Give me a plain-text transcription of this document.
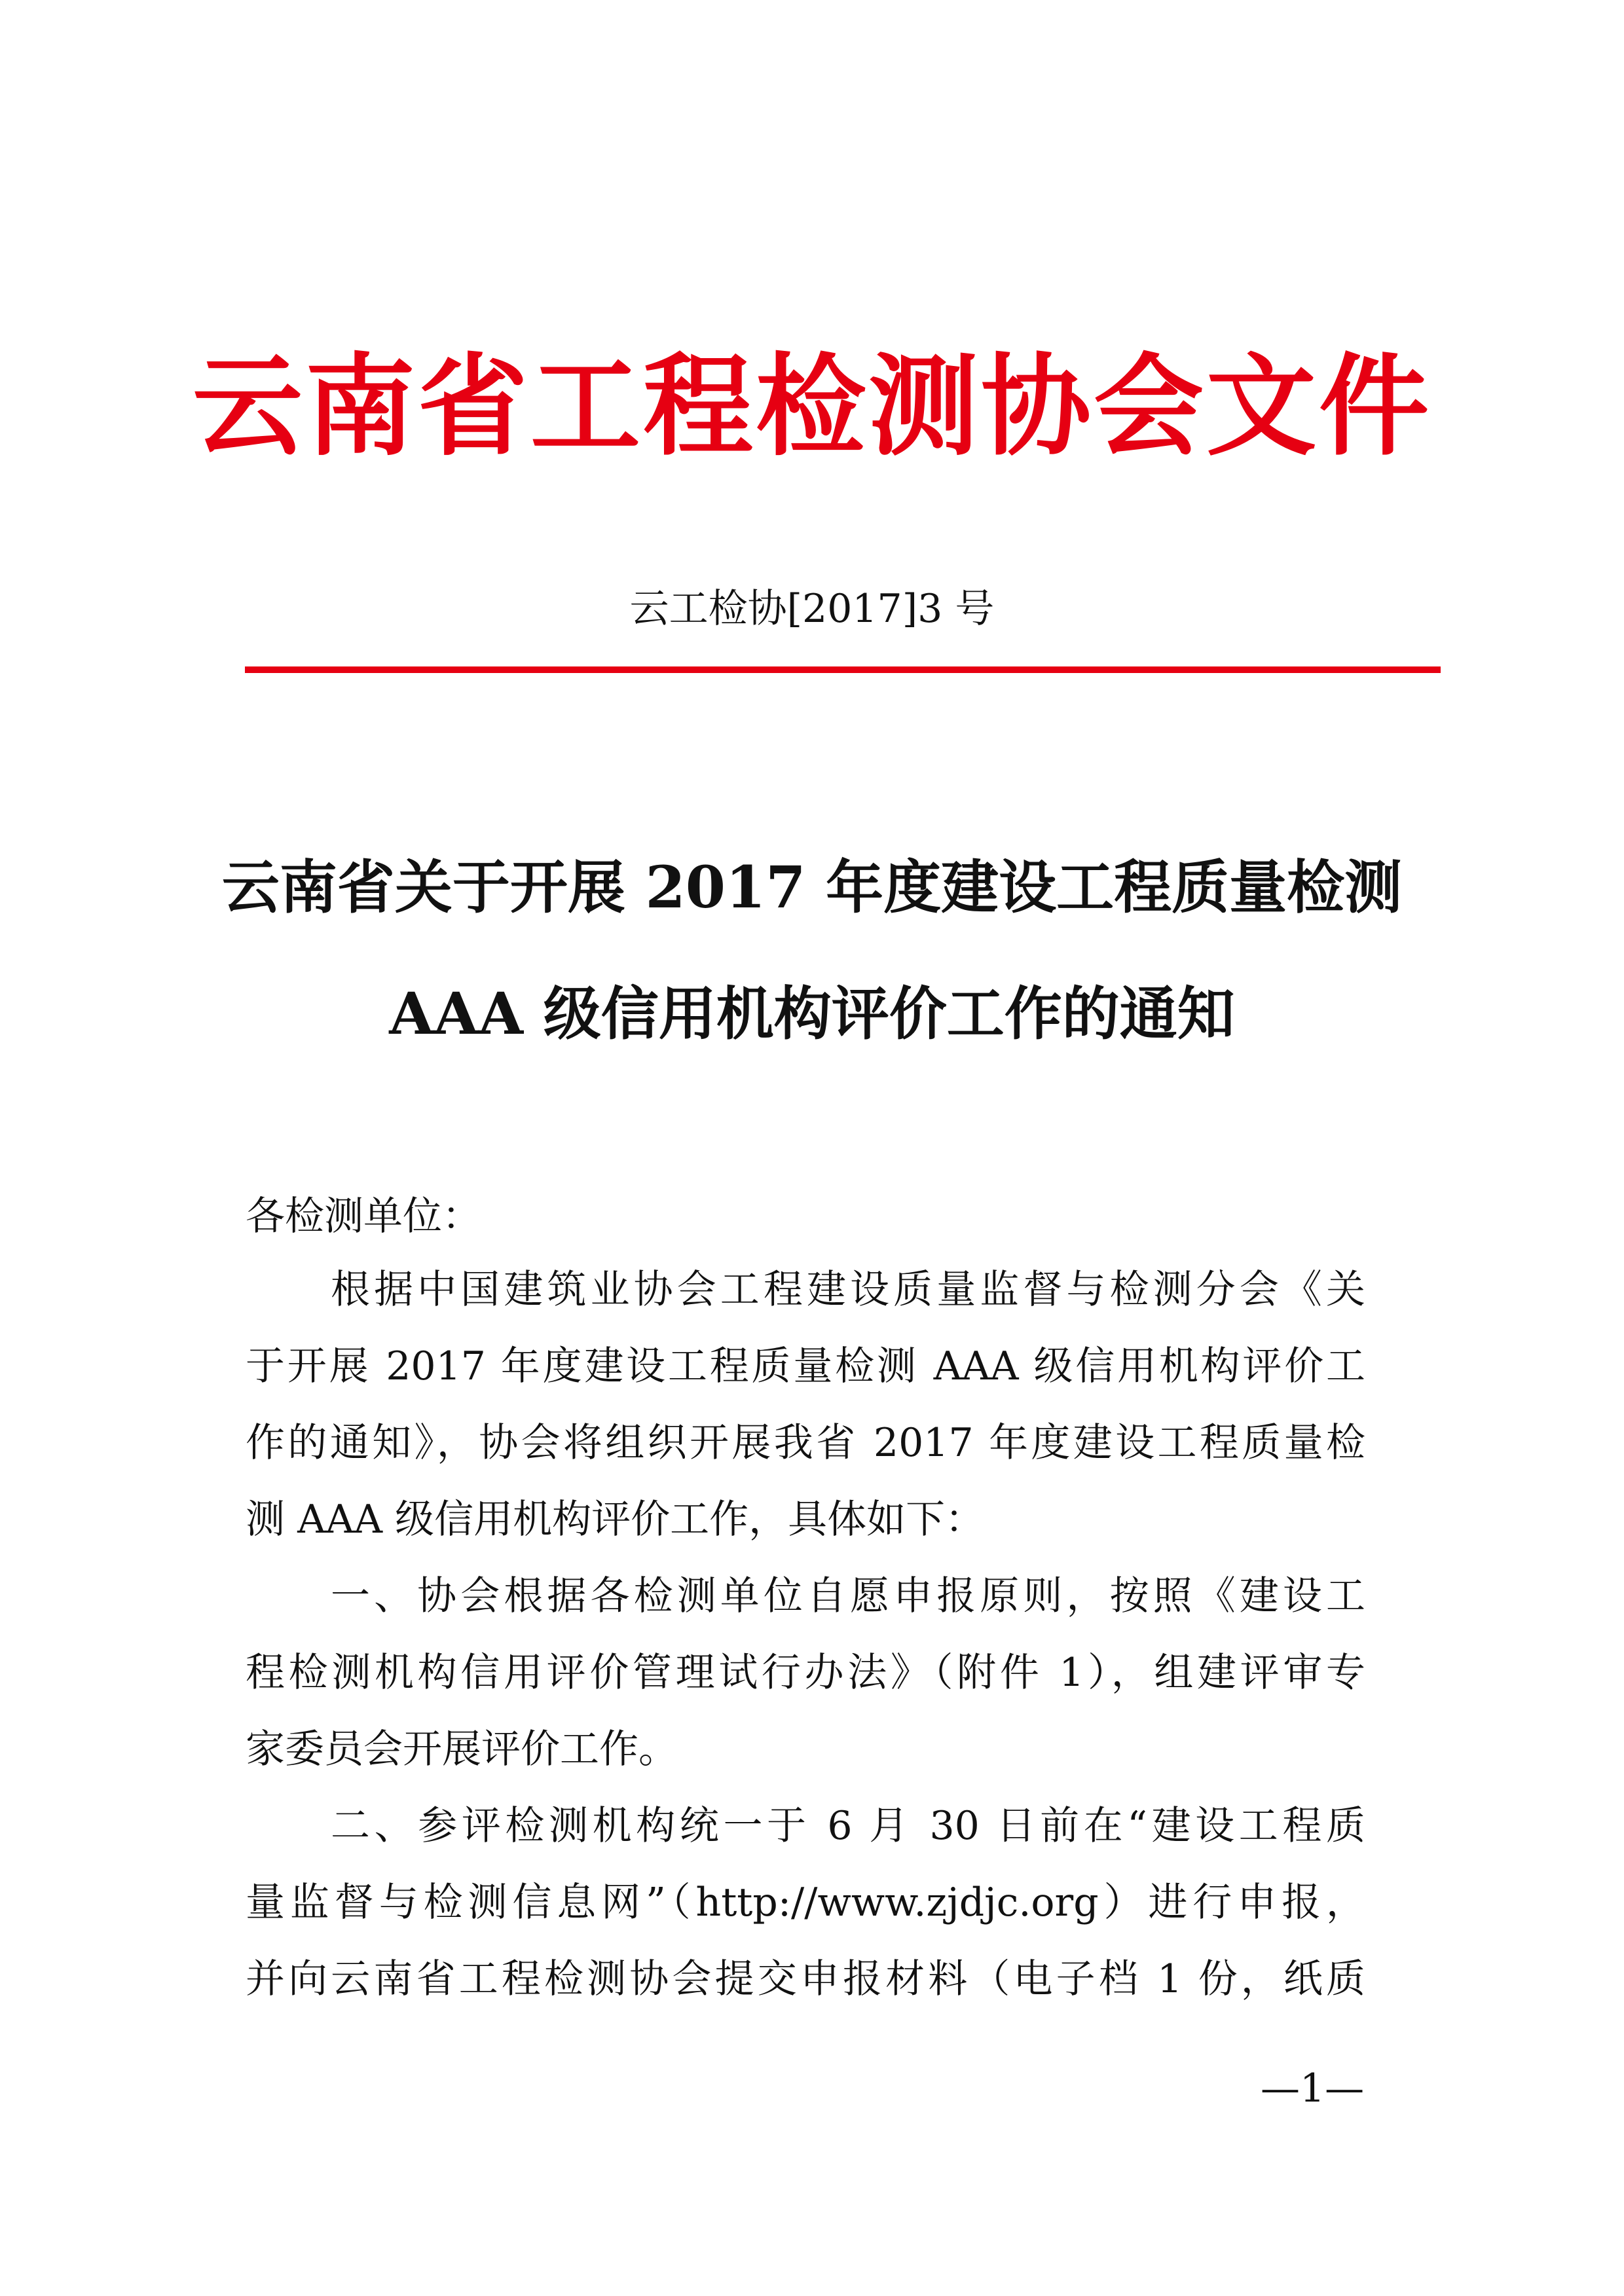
云南省工程检测协会文件
云工检协[2017]3 号
云南省关于开展 2017 年度建设工程质量检测
AAA 级信用机构评价工作的通知
各检测单位：
根据中国建筑业协会工程建设质量监督与检测分会《关
于开展 2017 年度建设工程质量检测 AAA 级信用机构评价工
作的通知》，协会将组织开展我省 2017 年度建设工程质量检
测 AAA 级信用机构评价工作，具体如下：
一、协会根据各检测单位自愿申报原则，按照《建设工
程检测机构信用评价管理试行办法》（附件 1），组建评审专
家委员会开展评价工作。
二、参评检测机构统一于 6 月 30 日前在“建设工程质
量监督与检测信息网”（http://www.zjdjc.org）进行申报，
并向云南省工程检测协会提交申报材料（电子档 1 份，纸质
—1—
